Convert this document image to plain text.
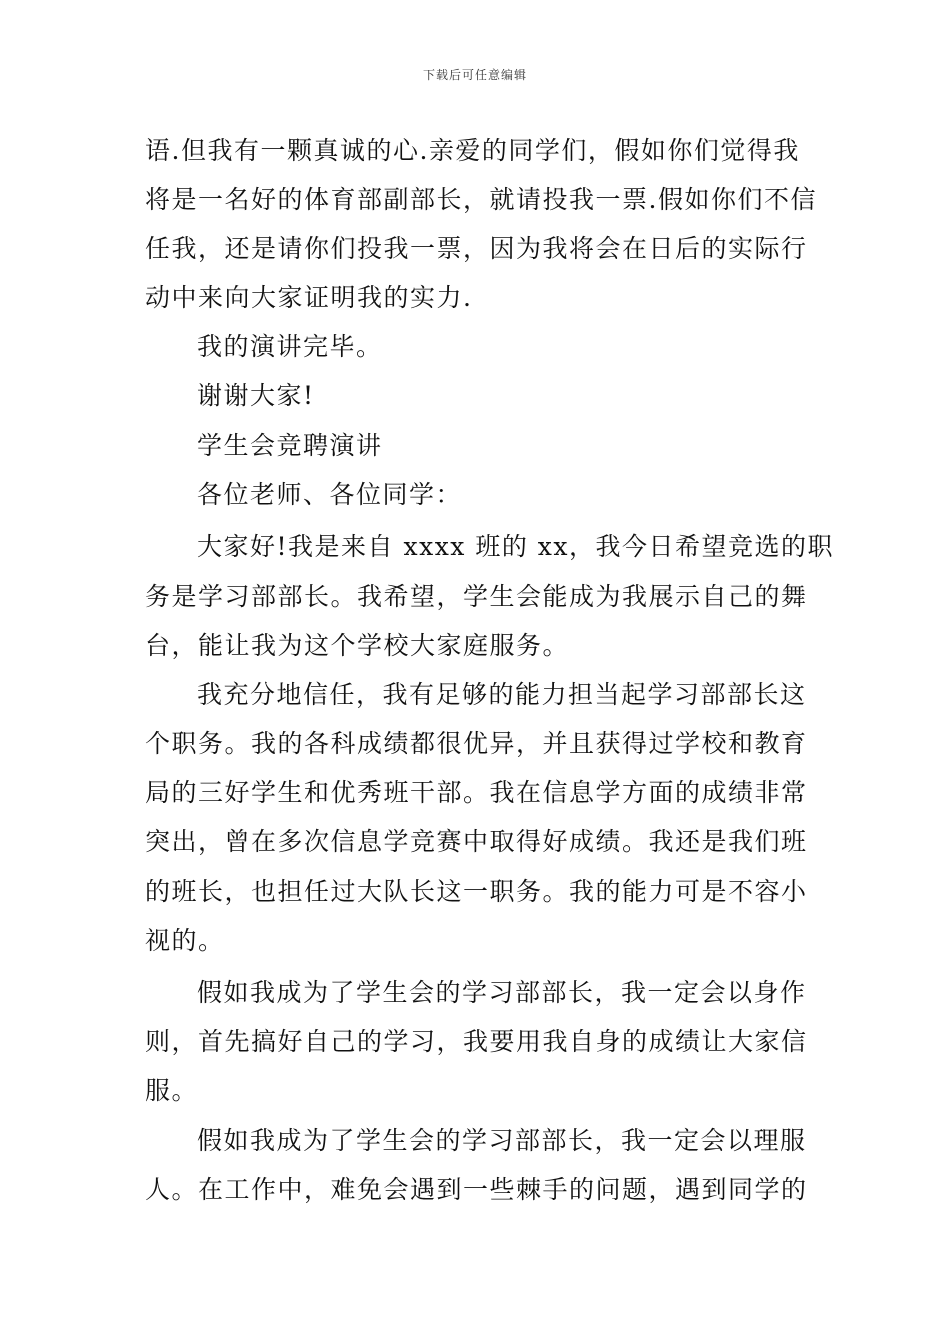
下载后可任意编辑
语.但我有一颗真诚的心.亲爱的同学们，假如你们觉得我
将是一名好的体育部副部长，就请投我一票.假如你们不信
任我，还是请你们投我一票，因为我将会在日后的实际行
动中来向大家证明我的实力.
我的演讲完毕。
谢谢大家!
学生会竞聘演讲
各位老师、各位同学：
大家好!我是来自 xxxx 班的 xx，我今日希望竞选的职
务是学习部部长。我希望，学生会能成为我展示自己的舞
台，能让我为这个学校大家庭服务。
我充分地信任，我有足够的能力担当起学习部部长这
个职务。我的各科成绩都很优异，并且获得过学校和教育
局的三好学生和优秀班干部。我在信息学方面的成绩非常
突出，曾在多次信息学竞赛中取得好成绩。我还是我们班
的班长，也担任过大队长这一职务。我的能力可是不容小
视的。
假如我成为了学生会的学习部部长，我一定会以身作
则，首先搞好自己的学习，我要用我自身的成绩让大家信
服。
假如我成为了学生会的学习部部长，我一定会以理服
人。在工作中，难免会遇到一些棘手的问题，遇到同学的
